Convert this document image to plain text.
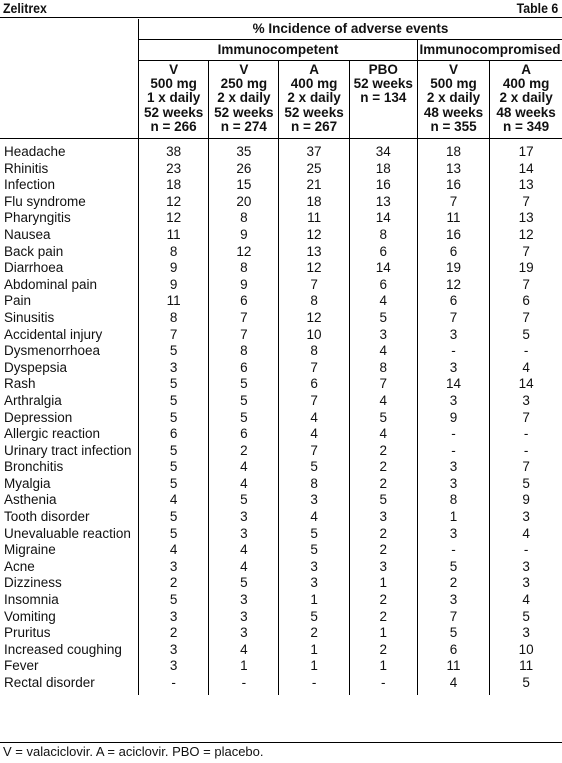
Zelitrex	Table 6
	% Incidence of adverse events					
	Immunocompetent				Immunocompromised	

	V
500 mg
1 x daily
52 weeks
n = 266	V
250 mg
2 x daily
52 weeks
n = 274	A
400 mg
2 x daily
52 weeks
n = 267	PBO
52 weeks
n = 134	V
500 mg
2 x daily
48 weeks
n = 355	A
400 mg
2 x daily
48 weeks
n = 349

Headache	38	35	37	34	18	17
Rhinitis	23	26	25	18	13	14
Infection	18	15	21	16	16	13
Flu syndrome	12	20	18	13	7	7
Pharyngitis	12	8	11	14	11	13
Nausea	11	9	12	8	16	12
Back pain	8	12	13	6	6	7
Diarrhoea	9	8	12	14	19	19
Abdominal pain	9	9	7	6	12	7
Pain	11	6	8	4	6	6
Sinusitis	8	7	12	5	7	7
Accidental injury	7	7	10	3	3	5
Dysmenorrhoea	5	8	8	4	-	-
Dyspepsia	3	6	7	8	3	4
Rash	5	5	6	7	14	14
Arthralgia	5	5	7	4	3	3
Depression	5	5	4	5	9	7
Allergic reaction	6	6	4	4	-	-
Urinary tract infection	5	2	7	2	-	-
Bronchitis	5	4	5	2	3	7
Myalgia	5	4	8	2	3	5
Asthenia	4	5	3	5	8	9
Tooth disorder	5	3	4	3	1	3
Unevaluable reaction	5	3	5	2	3	4
Migraine	4	4	5	2	-	-
Acne	3	4	3	3	5	3
Dizziness	2	5	3	1	2	3
Insomnia	5	3	1	2	3	4
Vomiting	3	3	5	2	7	5
Pruritus	2	3	2	1	5	3
Increased coughing	3	4	1	2	6	10
Fever	3	1	1	1	11	11
Rectal disorder	-	-	-	-	4	5
V = valaciclovir. A = aciclovir. PBO = placebo.
